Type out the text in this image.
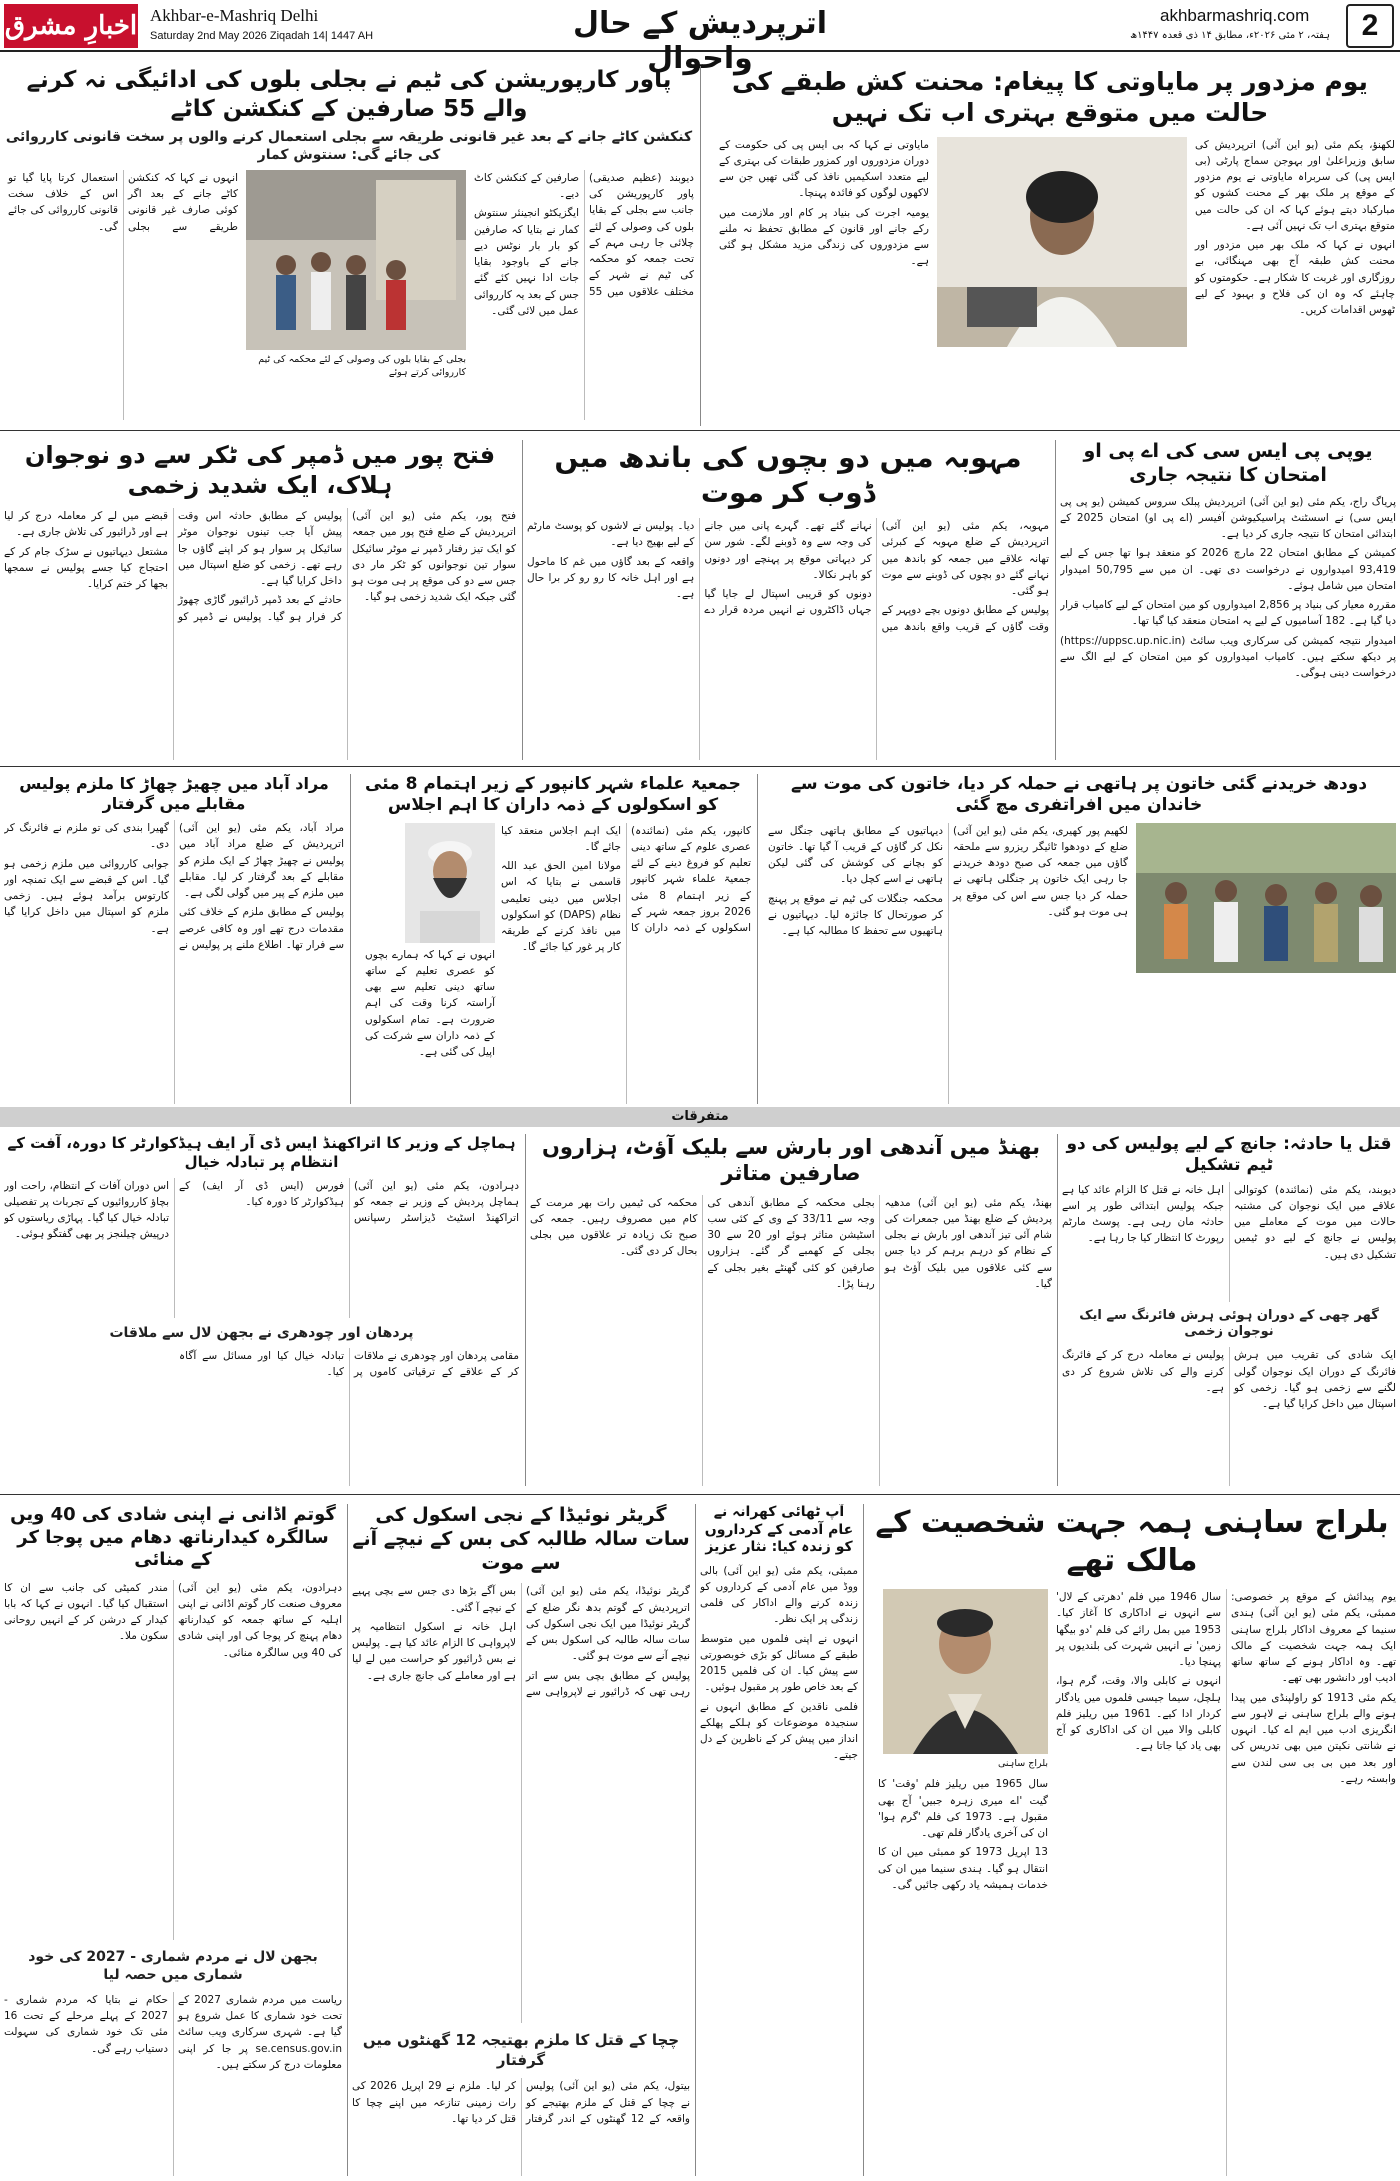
اخبارِ مشرق Akhbar-e-Mashriq Delhi
Saturday 2nd May 2026 Ziqadah 14| 1447 AH	اترپردیش کے حال واحوال
akhbarmashriq.com
ہفتہ، ۲ مئی ۲۰۲۶ء، مطابق ۱۴ ذی قعدہ ۱۴۴۷ھ	2
یوم مزدور پر مایاوتی کا پیغام: محنت کش طبقے کی حالت میں متوقع بہتری اب تک نہیں

لکھنؤ، یکم مئی (یو این آئی) اترپردیش کی سابق وزیراعلیٰ اور بہوجن سماج پارٹی (بی ایس پی) کی سربراہ مایاوتی نے یوم مزدور کے موقع پر ملک بھر کے محنت کشوں کو مبارکباد دیتے ہوئے کہا کہ ان کی حالت میں متوقع بہتری اب تک نہیں آئی ہے۔

انہوں نے کہا کہ ملک بھر میں مزدور اور محنت کش طبقہ آج بھی مہنگائی، بے روزگاری اور غربت کا شکار ہے۔ حکومتوں کو چاہئے کہ وہ ان کی فلاح و بہبود کے لیے ٹھوس اقدامات کریں۔

مایاوتی نے کہا کہ بی ایس پی کی حکومت کے دوران مزدوروں اور کمزور طبقات کی بہتری کے لیے متعدد اسکیمیں نافذ کی گئی تھیں جن سے لاکھوں لوگوں کو فائدہ پہنچا۔

یومیہ اجرت کی بنیاد پر کام اور ملازمت میں رکے جانے اور قانون کے مطابق تحفظ نہ ملنے سے مزدوروں کی زندگی مزید مشکل ہو گئی ہے۔

پاور کارپوریشن کی ٹیم نے بجلی بلوں کی ادائیگی نہ کرنے والے 55 صارفین کے کنکشن کاٹے
کنکشن کاٹے جانے کے بعد غیر قانونی طریقہ سے بجلی استعمال کرنے والوں پر سخت قانونی کارروائی کی جائے گی: سنتوش کمار

دیوبند (عظیم صدیقی) پاور کارپوریشن کی جانب سے بجلی کے بقایا بلوں کی وصولی کے لئے چلائی جا رہی مہم کے تحت جمعہ کو محکمہ کی ٹیم نے شہر کے مختلف علاقوں میں 55 صارفین کے کنکشن کاٹ دیے۔

ایگزیکٹو انجینئر سنتوش کمار نے بتایا کہ صارفین کو بار بار نوٹس دیے جانے کے باوجود بقایا جات ادا نہیں کئے گئے جس کے بعد یہ کارروائی عمل میں لائی گئی۔

بجلی کے بقایا بلوں کی وصولی کے لئے محکمہ کی ٹیم کارروائی کرتے ہوئے

انہوں نے کہا کہ کنکشن کاٹے جانے کے بعد اگر کوئی صارف غیر قانونی طریقے سے بجلی استعمال کرتا پایا گیا تو اس کے خلاف سخت قانونی کارروائی کی جائے گی۔

یوپی پی ایس سی کی اے پی او امتحان کا نتیجہ جاری

پریاگ راج، یکم مئی (یو این آئی) اترپردیش پبلک سروس کمیشن (یو پی پی ایس سی) نے اسسٹنٹ پراسیکیوشن آفیسر (اے پی او) امتحان 2025 کے ابتدائی امتحان کا نتیجہ جاری کر دیا ہے۔

کمیشن کے مطابق امتحان 22 مارچ 2026 کو منعقد ہوا تھا جس کے لیے 93,419 امیدواروں نے درخواست دی تھی۔ ان میں سے 50,795 امیدوار امتحان میں شامل ہوئے۔

مقررہ معیار کی بنیاد پر 2,856 امیدواروں کو مین امتحان کے لیے کامیاب قرار دیا گیا ہے۔ 182 آسامیوں کے لیے یہ امتحان منعقد کیا گیا تھا۔

امیدوار نتیجہ کمیشن کی سرکاری ویب سائٹ (https://uppsc.up.nic.in) پر دیکھ سکتے ہیں۔ کامیاب امیدواروں کو مین امتحان کے لیے الگ سے درخواست دینی ہوگی۔

مہوبہ میں دو بچوں کی باندھ میں ڈوب کر موت

مہوبہ، یکم مئی (یو این آئی) اترپردیش کے ضلع مہوبہ کے کبرئی تھانہ علاقے میں جمعہ کو باندھ میں نہانے گئے دو بچوں کی ڈوبنے سے موت ہو گئی۔

پولیس کے مطابق دونوں بچے دوپہر کے وقت گاؤں کے قریب واقع باندھ میں نہانے گئے تھے۔ گہرے پانی میں جانے کی وجہ سے وہ ڈوبنے لگے۔ شور سن کر دیہاتی موقع پر پہنچے اور دونوں کو باہر نکالا۔

دونوں کو قریبی اسپتال لے جایا گیا جہاں ڈاکٹروں نے انہیں مردہ قرار دے دیا۔ پولیس نے لاشوں کو پوسٹ مارٹم کے لیے بھیج دیا ہے۔

واقعہ کے بعد گاؤں میں غم کا ماحول ہے اور اہل خانہ کا رو رو کر برا حال ہے۔

فتح پور میں ڈمپر کی ٹکر سے دو نوجوان ہلاک، ایک شدید زخمی

فتح پور، یکم مئی (یو این آئی) اترپردیش کے ضلع فتح پور میں جمعہ کو ایک تیز رفتار ڈمپر نے موٹر سائیکل سوار تین نوجوانوں کو ٹکر مار دی جس سے دو کی موقع پر ہی موت ہو گئی جبکہ ایک شدید زخمی ہو گیا۔

پولیس کے مطابق حادثہ اس وقت پیش آیا جب تینوں نوجوان موٹر سائیکل پر سوار ہو کر اپنے گاؤں جا رہے تھے۔ زخمی کو ضلع اسپتال میں داخل کرایا گیا ہے۔

حادثے کے بعد ڈمپر ڈرائیور گاڑی چھوڑ کر فرار ہو گیا۔ پولیس نے ڈمپر کو قبضے میں لے کر معاملہ درج کر لیا ہے اور ڈرائیور کی تلاش جاری ہے۔

مشتعل دیہاتیوں نے سڑک جام کر کے احتجاج کیا جسے پولیس نے سمجھا بجھا کر ختم کرایا۔

دودھ خریدنے گئی خاتون پر ہاتھی نے حملہ کر دیا، خاتون کی موت سے خاندان میں افراتفری مچ گئی

لکھیم پور کھیری، یکم مئی (یو این آئی) ضلع کے دودھوا ٹائیگر ریزرو سے ملحقہ گاؤں میں جمعہ کی صبح دودھ خریدنے جا رہی ایک خاتون پر جنگلی ہاتھی نے حملہ کر دیا جس سے اس کی موقع پر ہی موت ہو گئی۔

دیہاتیوں کے مطابق ہاتھی جنگل سے نکل کر گاؤں کے قریب آ گیا تھا۔ خاتون کو بچانے کی کوشش کی گئی لیکن ہاتھی نے اسے کچل دیا۔

محکمہ جنگلات کی ٹیم نے موقع پر پہنچ کر صورتحال کا جائزہ لیا۔ دیہاتیوں نے ہاتھیوں سے تحفظ کا مطالبہ کیا ہے۔

جمعیۃ علماء شہر کانپور کے زیر اہتمام 8 مئی کو اسکولوں کے ذمہ داران کا اہم اجلاس

کانپور، یکم مئی (نمائندہ) عصری علوم کے ساتھ دینی تعلیم کو فروغ دینے کے لئے جمعیۃ علماء شہر کانپور کے زیر اہتمام 8 مئی 2026 بروز جمعہ شہر کے اسکولوں کے ذمہ داران کا ایک اہم اجلاس منعقد کیا جائے گا۔

مولانا امین الحق عبد اللہ قاسمی نے بتایا کہ اس اجلاس میں دینی تعلیمی نظام (DAPS) کو اسکولوں میں نافذ کرنے کے طریقہ کار پر غور کیا جائے گا۔

انہوں نے کہا کہ ہمارے بچوں کو عصری تعلیم کے ساتھ ساتھ دینی تعلیم سے بھی آراستہ کرنا وقت کی اہم ضرورت ہے۔ تمام اسکولوں کے ذمہ داران سے شرکت کی اپیل کی گئی ہے۔

مراد آباد میں چھیڑ چھاڑ کا ملزم پولیس مقابلے میں گرفتار

مراد آباد، یکم مئی (یو این آئی) اترپردیش کے ضلع مراد آباد میں پولیس نے چھیڑ چھاڑ کے ایک ملزم کو مقابلے کے بعد گرفتار کر لیا۔ مقابلے میں ملزم کے پیر میں گولی لگی ہے۔

پولیس کے مطابق ملزم کے خلاف کئی مقدمات درج تھے اور وہ کافی عرصے سے فرار تھا۔ اطلاع ملنے پر پولیس نے گھیرا بندی کی تو ملزم نے فائرنگ کر دی۔

جوابی کارروائی میں ملزم زخمی ہو گیا۔ اس کے قبضے سے ایک تمنچہ اور کارتوس برآمد ہوئے ہیں۔ زخمی ملزم کو اسپتال میں داخل کرایا گیا ہے۔

متفرقات
قتل یا حادثہ: جانچ کے لیے پولیس کی دو ٹیم تشکیل

دیوبند، یکم مئی (نمائندہ) کوتوالی علاقے میں ایک نوجوان کی مشتبہ حالات میں موت کے معاملے میں پولیس نے جانچ کے لیے دو ٹیمیں تشکیل دی ہیں۔

اہل خانہ نے قتل کا الزام عائد کیا ہے جبکہ پولیس ابتدائی طور پر اسے حادثہ مان رہی ہے۔ پوسٹ مارٹم رپورٹ کا انتظار کیا جا رہا ہے۔

گھر چھی کے دوران ہوئی ہرش فائرنگ سے ایک نوجوان زخمی

ایک شادی کی تقریب میں ہرش فائرنگ کے دوران ایک نوجوان گولی لگنے سے زخمی ہو گیا۔ زخمی کو اسپتال میں داخل کرایا گیا ہے۔

پولیس نے معاملہ درج کر کے فائرنگ کرنے والے کی تلاش شروع کر دی ہے۔

بھنڈ میں آندھی اور بارش سے بلیک آؤٹ، ہزاروں صارفین متاثر

بھنڈ، یکم مئی (یو این آئی) مدھیہ پردیش کے ضلع بھنڈ میں جمعرات کی شام آئی تیز آندھی اور بارش نے بجلی کے نظام کو درہم برہم کر دیا جس سے کئی علاقوں میں بلیک آؤٹ ہو گیا۔

بجلی محکمہ کے مطابق آندھی کی وجہ سے 33/11 کے وی کے کئی سب اسٹیشن متاثر ہوئے اور 20 سے 30 بجلی کے کھمبے گر گئے۔ ہزاروں صارفین کو کئی گھنٹے بغیر بجلی کے رہنا پڑا۔

محکمہ کی ٹیمیں رات بھر مرمت کے کام میں مصروف رہیں۔ جمعہ کی صبح تک زیادہ تر علاقوں میں بجلی بحال کر دی گئی۔

ہماچل کے وزیر کا اتراکھنڈ ایس ڈی آر ایف ہیڈکوارٹر کا دورہ، آفت کے انتظام پر تبادلہ خیال

دہرادون، یکم مئی (یو این آئی) ہماچل پردیش کے وزیر نے جمعہ کو اتراکھنڈ اسٹیٹ ڈیزاسٹر رسپانس فورس (ایس ڈی آر ایف) کے ہیڈکوارٹر کا دورہ کیا۔

اس دوران آفات کے انتظام، راحت اور بچاؤ کارروائیوں کے تجربات پر تفصیلی تبادلہ خیال کیا گیا۔ پہاڑی ریاستوں کو درپیش چیلنجز پر بھی گفتگو ہوئی۔

پردھان اور چودھری نے بجھن لال سے ملاقات

مقامی پردھان اور چودھری نے ملاقات کر کے علاقے کے ترقیاتی کاموں پر تبادلہ خیال کیا اور مسائل سے آگاہ کیا۔

بلراج ساہنی ہمہ جہت شخصیت کے مالک تھے

یوم پیدائش کے موقع پر خصوصی: ممبئی، یکم مئی (یو این آئی) ہندی سنیما کے معروف اداکار بلراج ساہنی ایک ہمہ جہت شخصیت کے مالک تھے۔ وہ اداکار ہونے کے ساتھ ساتھ ادیب اور دانشور بھی تھے۔

یکم مئی 1913 کو راولپنڈی میں پیدا ہونے والے بلراج ساہنی نے لاہور سے انگریزی ادب میں ایم اے کیا۔ انہوں نے شانتی نکیتن میں بھی تدریس کی اور بعد میں بی بی سی لندن سے وابستہ رہے۔

سال 1946 میں فلم 'دھرتی کے لال' سے انہوں نے اداکاری کا آغاز کیا۔ 1953 میں بمل رائے کی فلم 'دو بیگھا زمین' نے انہیں شہرت کی بلندیوں پر پہنچا دیا۔

انہوں نے کابلی والا، وقت، گرم ہوا، ہلچل، سیما جیسی فلموں میں یادگار کردار ادا کیے۔ 1961 میں ریلیز فلم کابلی والا میں ان کی اداکاری کو آج بھی یاد کیا جاتا ہے۔

بلراج ساہنی

سال 1965 میں ریلیز فلم 'وقت' کا گیت 'اے میری زہرہ جبیں' آج بھی مقبول ہے۔ 1973 کی فلم 'گرم ہوا' ان کی آخری یادگار فلم تھی۔

13 اپریل 1973 کو ممبئی میں ان کا انتقال ہو گیا۔ ہندی سنیما میں ان کی خدمات ہمیشہ یاد رکھی جائیں گی۔

آپ ٹھائی کھرانہ نے عام آدمی کے کرداروں کو زندہ کیا: نثار عزیز

ممبئی، یکم مئی (یو این آئی) بالی ووڈ میں عام آدمی کے کرداروں کو زندہ کرنے والے اداکار کی فلمی زندگی پر ایک نظر۔

انہوں نے اپنی فلموں میں متوسط طبقے کے مسائل کو بڑی خوبصورتی سے پیش کیا۔ ان کی فلمیں 2015 کے بعد خاص طور پر مقبول ہوئیں۔

فلمی ناقدین کے مطابق انہوں نے سنجیدہ موضوعات کو ہلکے پھلکے انداز میں پیش کر کے ناظرین کے دل جیتے۔

گریٹر نوئیڈا کے نجی اسکول کی سات سالہ طالبہ کی بس کے نیچے آنے سے موت

گریٹر نوئیڈا، یکم مئی (یو این آئی) اترپردیش کے گوتم بدھ نگر ضلع کے گریٹر نوئیڈا میں ایک نجی اسکول کی سات سالہ طالبہ کی اسکول بس کے نیچے آنے سے موت ہو گئی۔

پولیس کے مطابق بچی بس سے اتر رہی تھی کہ ڈرائیور نے لاپرواہی سے بس آگے بڑھا دی جس سے بچی پہیے کے نیچے آ گئی۔

اہل خانہ نے اسکول انتظامیہ پر لاپرواہی کا الزام عائد کیا ہے۔ پولیس نے بس ڈرائیور کو حراست میں لے لیا ہے اور معاملے کی جانچ جاری ہے۔

چچا کے قتل کا ملزم بھتیجہ 12 گھنٹوں میں گرفتار

بیتول، یکم مئی (یو این آئی) پولیس نے چچا کے قتل کے ملزم بھتیجے کو واقعہ کے 12 گھنٹوں کے اندر گرفتار کر لیا۔ ملزم نے 29 اپریل 2026 کی رات زمینی تنازعہ میں اپنے چچا کا قتل کر دیا تھا۔

گوتم اڈانی نے اپنی شادی کی 40 ویں سالگرہ کیدارناتھ دھام میں پوجا کر کے منائی

دہرادون، یکم مئی (یو این آئی) معروف صنعت کار گوتم اڈانی نے اپنی اہلیہ کے ساتھ جمعہ کو کیدارناتھ دھام پہنچ کر پوجا کی اور اپنی شادی کی 40 ویں سالگرہ منائی۔

مندر کمیٹی کی جانب سے ان کا استقبال کیا گیا۔ انہوں نے کہا کہ بابا کیدار کے درشن کر کے انہیں روحانی سکون ملا۔

بجھن لال نے مردم شماری - 2027 کی خود شماری میں حصہ لیا

ریاست میں مردم شماری 2027 کے تحت خود شماری کا عمل شروع ہو گیا ہے۔ شہری سرکاری ویب سائٹ se.census.gov.in پر جا کر اپنی معلومات درج کر سکتے ہیں۔

حکام نے بتایا کہ مردم شماری - 2027 کے پہلے مرحلے کے تحت 16 مئی تک خود شماری کی سہولت دستیاب رہے گی۔
